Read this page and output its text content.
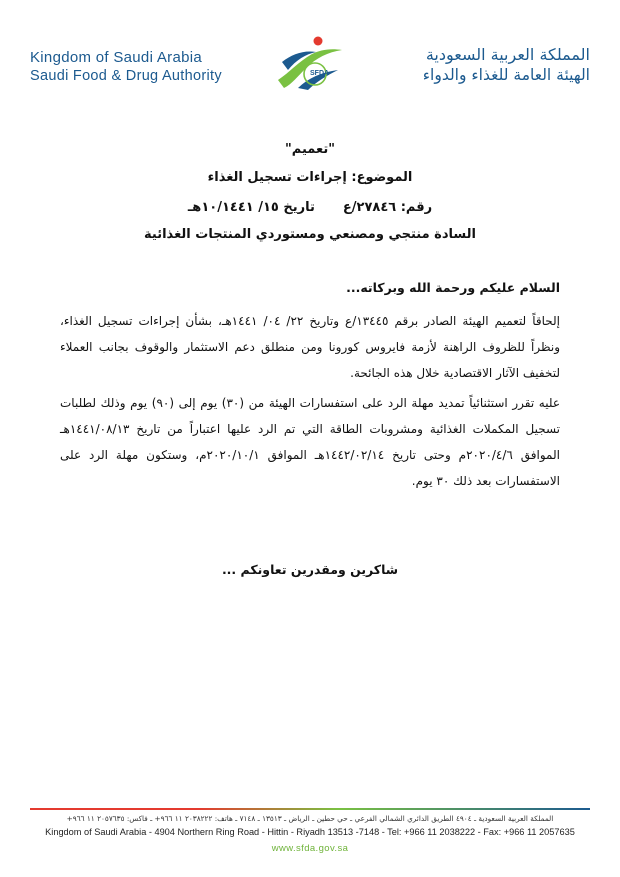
Kingdom of Saudi Arabia
Saudi Food & Drug Authority	SFDA
المملكة العربية السعودية
الهيئة العامة للغذاء والدواء
"تعميم"
الموضوع: إجراءات تسجيل الغذاء
رقم: ٢٧٨٤٦/عتاريخ ١٥/ ١٠/١٤٤١هـ
السادة منتجي ومصنعي ومستوردي المنتجات الغذائية
السلام عليكم ورحمة الله وبركاته...
إلحاقاً لتعميم الهيئة الصادر برقم ١٣٤٤٥/ع وتاريخ ٢٢/ ٠٤/ ١٤٤١هـ، بشأن إجراءات تسجيل الغذاء، ونظراً للظروف الراهنة لأزمة فايروس كورونا ومن منطلق دعم الاستثمار والوقوف بجانب العملاء لتخفيف الآثار الاقتصادية خلال هذه الجائحة.
عليه تقرر استثنائياً تمديد مهلة الرد على استفسارات الهيئة من (٣٠) يوم إلى (٩٠) يوم وذلك لطلبات تسجيل المكملات الغذائية ومشروبات الطاقة التي تم الرد عليها اعتباراً من تاريخ ١٤٤١/٠٨/١٣هـ الموافق ٢٠٢٠/٤/٦م وحتى تاريخ ١٤٤٢/٠٢/١٤هـ الموافق ٢٠٢٠/١٠/١م، وستكون مهلة الرد على الاستفسارات بعد ذلك ٣٠ يوم.
شاكرين ومقدرين تعاونكم ...
المملكة العربية السعودية ـ ٤٩٠٤ الطريق الدائري الشمالي الفرعي ـ حي حطين ـ الرياض ـ ١٣٥١٣ ـ ٧١٤٨ ـ هاتف: ٢٠٣٨٢٢٢ ١١ ٩٦٦+ ـ فاكس: ٢٠٥٧٦٣٥ ١١ ٩٦٦+
Kingdom of Saudi Arabia - 4904 Northern Ring Road - Hittin - Riyadh 13513 -7148 - Tel: +966 11 2038222 - Fax: +966 11 2057635
www.sfda.gov.sa
